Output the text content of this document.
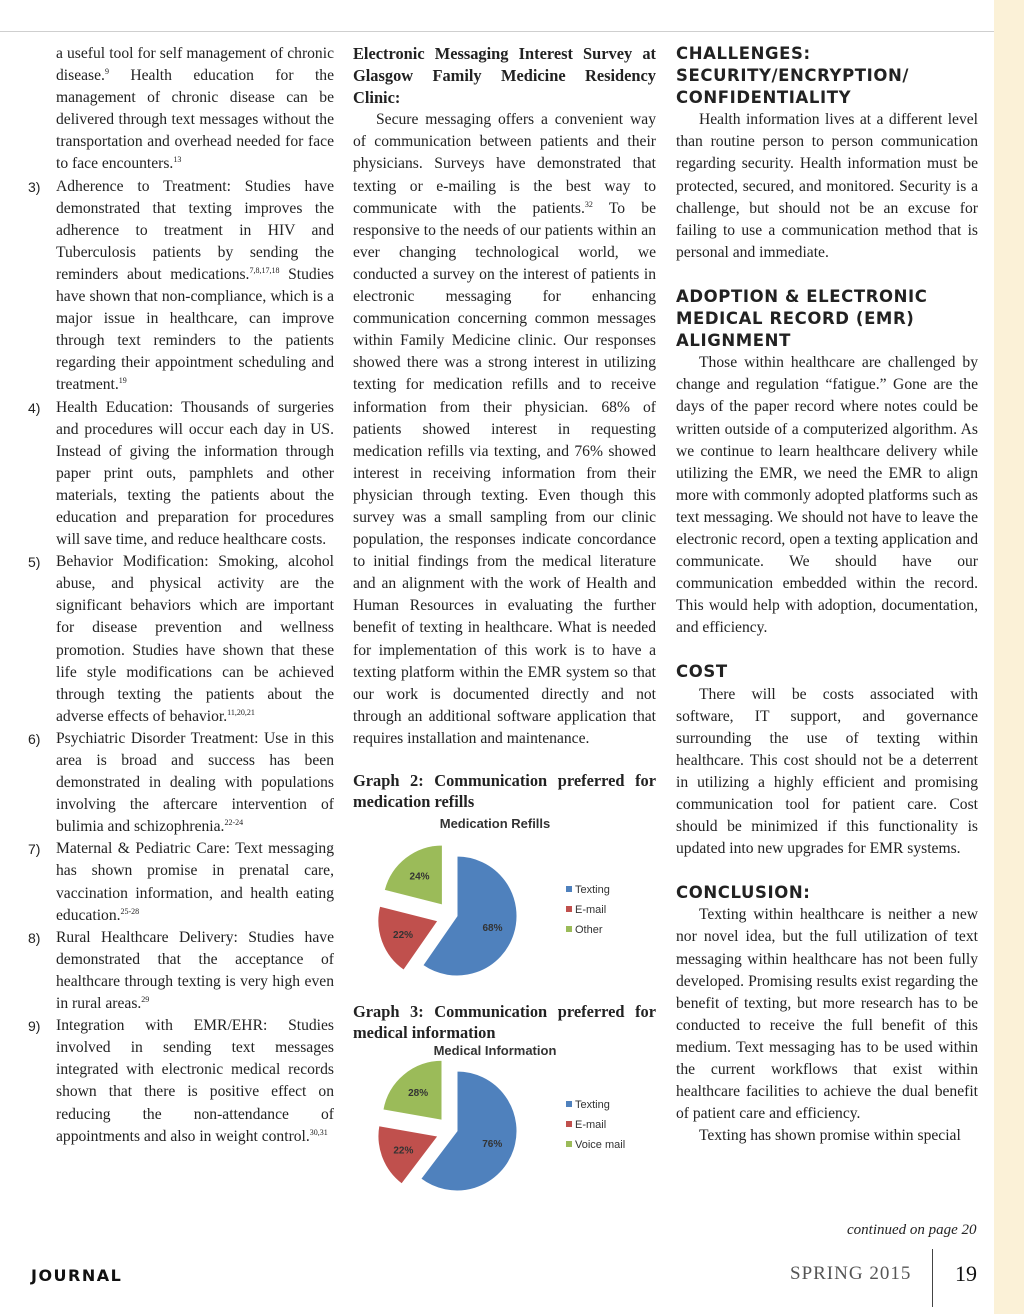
a useful tool for self management of chronic disease.$^9$ Health education for the management of chronic disease can be delivered through text messages without the transportation and overhead needed for face to face encounters.$^{13}$

3) Adherence to Treatment: Studies have demonstrated that texting improves the adherence to treatment in HIV and Tuberculosis patients by sending the reminders about medications.$^{7,8,17,18}$ Studies have shown that non-compliance, which is a major issue in healthcare, can improve through text reminders to the patients regarding their appointment scheduling and treatment.$^{19}$
4) Health Education: Thousands of surgeries and procedures will occur each day in US. Instead of giving the information through paper print outs, pamphlets and other materials, texting the patients about the education and preparation for procedures will save time, and reduce healthcare costs.
5) Behavior Modification: Smoking, alcohol abuse, and physical activity are the significant behaviors which are important for disease prevention and wellness promotion. Studies have shown that these life style modifications can be achieved through texting the patients about the adverse effects of behavior.$^{11,20,21}$
6) Psychiatric Disorder Treatment: Use in this area is broad and success has been demonstrated in dealing with populations involving the aftercare intervention of bulimia and schizophrenia.$^{22-24}$
7) Maternal & Pediatric Care: Text messaging has shown promise in prenatal care, vaccination information, and health eating education.$^{25-28}$
8) Rural Healthcare Delivery: Studies have demonstrated that the acceptance of healthcare through texting is very high even in rural areas.$^{29}$
9) Integration with EMR/EHR: Studies involved in sending text messages integrated with electronic medical records shown that there is positive effect on reducing the non-attendance of appointments and also in weight control.$^{30,31}$

Electronic Messaging Interest Survey at Glasgow Family Medicine Residency Clinic:

Secure messaging offers a convenient way of communication between patients and their physicians. Surveys have demonstrated that texting or e-mailing is the best way to communicate with the patients.$^{32}$ To be responsive to the needs of our patients within an ever changing technological world, we conducted a survey on the interest of patients in electronic messaging for enhancing communication concerning common messages within Family Medicine clinic. Our responses showed there was a strong interest in utilizing texting for medication refills and to receive information from their physician. 68% of patients showed interest in requesting medication refills via texting, and 76% showed interest in receiving information from their physician through texting. Even though this survey was a small sampling from our clinic population, the responses indicate concordance to initial findings from the medical literature and an alignment with the work of Health and Human Resources in evaluating the further benefit of texting in healthcare. What is needed for implementation of this work is to have a texting platform within the EMR system so that our work is documented directly and not through an additional software application that requires installation and maintenance.

Graph 2: Communication preferred for medication refills

Medication Refills
68%
22%
24%
Texting
E-mail
Other

Graph 3: Communication preferred for medical information

Medical Information
76%
22%
28%
Texting
E-mail
Voice mail
CHALLENGES: SECURITY/ENCRYPTION/ CONFIDENTIALITY

Health information lives at a different level than routine person to person communication regarding security. Health information must be protected, secured, and monitored. Security is a challenge, but should not be an excuse for failing to use a communication method that is personal and immediate.

ADOPTION & ELECTRONIC MEDICAL RECORD (EMR) ALIGNMENT

Those within healthcare are challenged by change and regulation “fatigue.” Gone are the days of the paper record where notes could be written outside of a computerized algorithm. As we continue to learn healthcare delivery while utilizing the EMR, we need the EMR to align more with commonly adopted platforms such as text messaging. We should not have to leave the electronic record, open a texting application and communicate. We should have our communication embedded within the record. This would help with adoption, documentation, and efficiency.

COST

There will be costs associated with software, IT support, and governance surrounding the use of texting within healthcare. This cost should not be a deterrent in utilizing a highly efficient and promising communication tool for patient care. Cost should be minimized if this functionality is updated into new upgrades for EMR systems.

CONCLUSION:

Texting within healthcare is neither a new nor novel idea, but the full utilization of text messaging within healthcare has not been fully developed. Promising results exist regarding the benefit of texting, but more research has to be conducted to receive the full benefit of this medium. Text messaging has to be used within the current workflows that exist within healthcare facilities to achieve the dual benefit of patient care and efficiency.

Texting has shown promise within special

continued on page 20
JOURNAL	SPRING 2015 19
